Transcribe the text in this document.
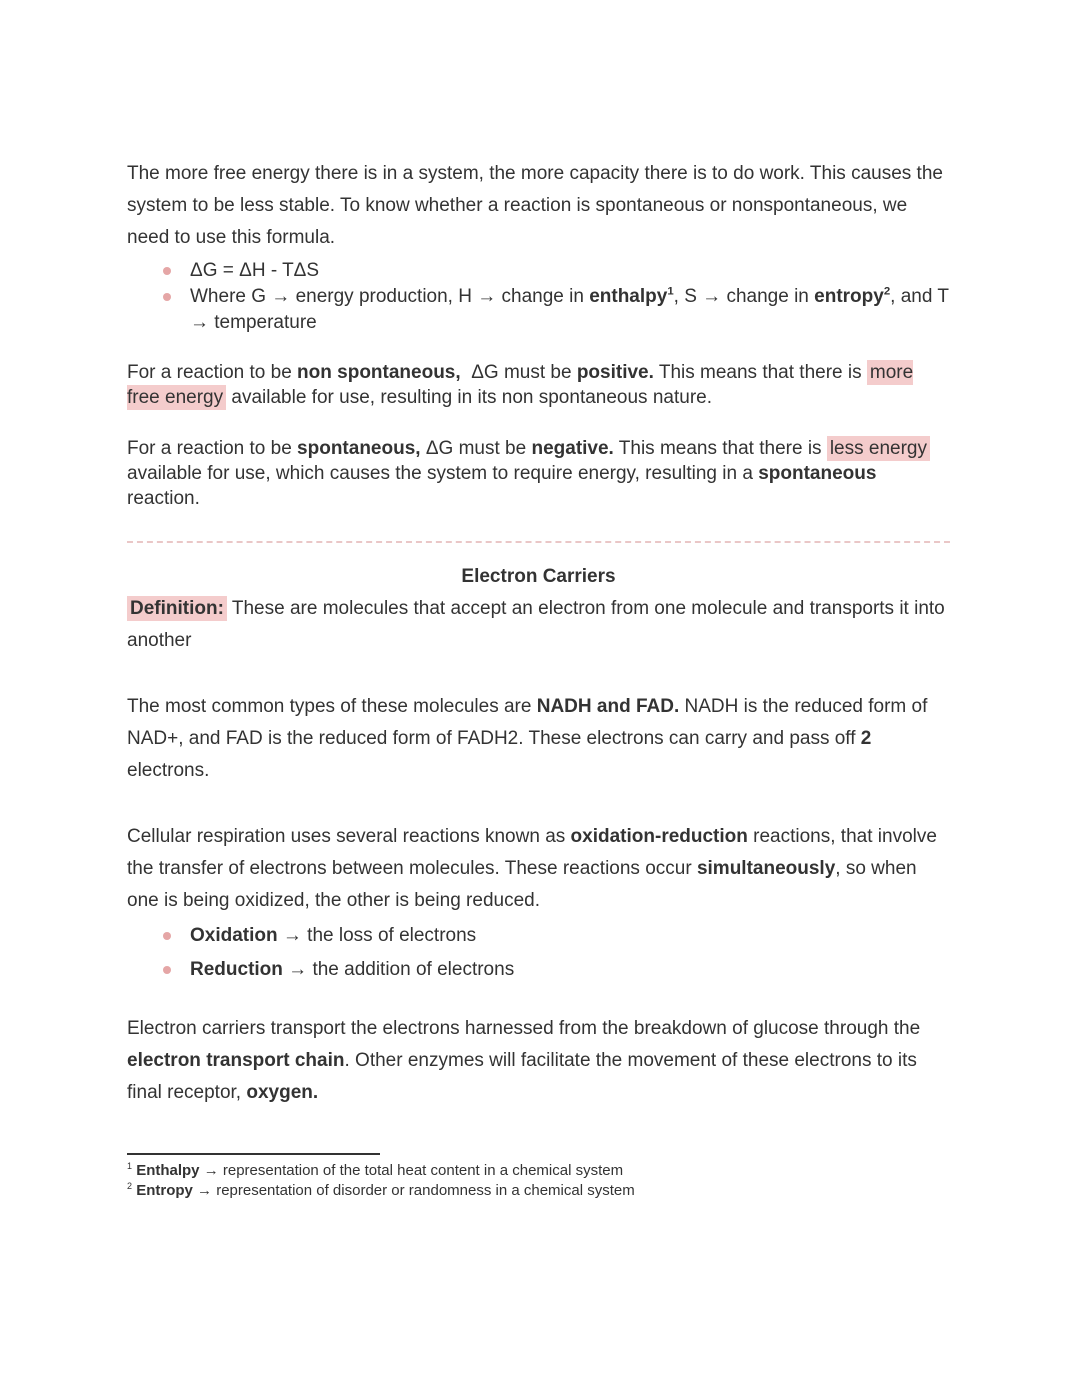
The more free energy there is in a system, the more capacity there is to do work. This causes the system to be less stable. To know whether a reaction is spontaneous or nonspontaneous, we need to use this formula.

ΔG = ΔH - TΔS
Where G → energy production, H → change in enthalpy$^1$, S → change in entropy$^2$, and T → temperature

For a reaction to be non spontaneous,  ΔG must be positive. This means that there is more free energy available for use, resulting in its non spontaneous nature.

For a reaction to be spontaneous, ΔG must be negative. This means that there is less energy available for use, which causes the system to require energy, resulting in a spontaneous reaction.

Electron Carriers

Definition: These are molecules that accept an electron from one molecule and transports it into another

The most common types of these molecules are NADH and FAD. NADH is the reduced form of NAD+, and FAD is the reduced form of FADH2. These electrons can carry and pass off 2 electrons.

Cellular respiration uses several reactions known as oxidation-reduction reactions, that involve the transfer of electrons between molecules. These reactions occur simultaneously, so when one is being oxidized, the other is being reduced.

Oxidation → the loss of electrons
Reduction → the addition of electrons

Electron carriers transport the electrons harnessed from the breakdown of glucose through the electron transport chain. Other enzymes will facilitate the movement of these electrons to its final receptor, oxygen.

$^1$ Enthalpy → representation of the total heat content in a chemical system

$^2$ Entropy → representation of disorder or randomness in a chemical system
